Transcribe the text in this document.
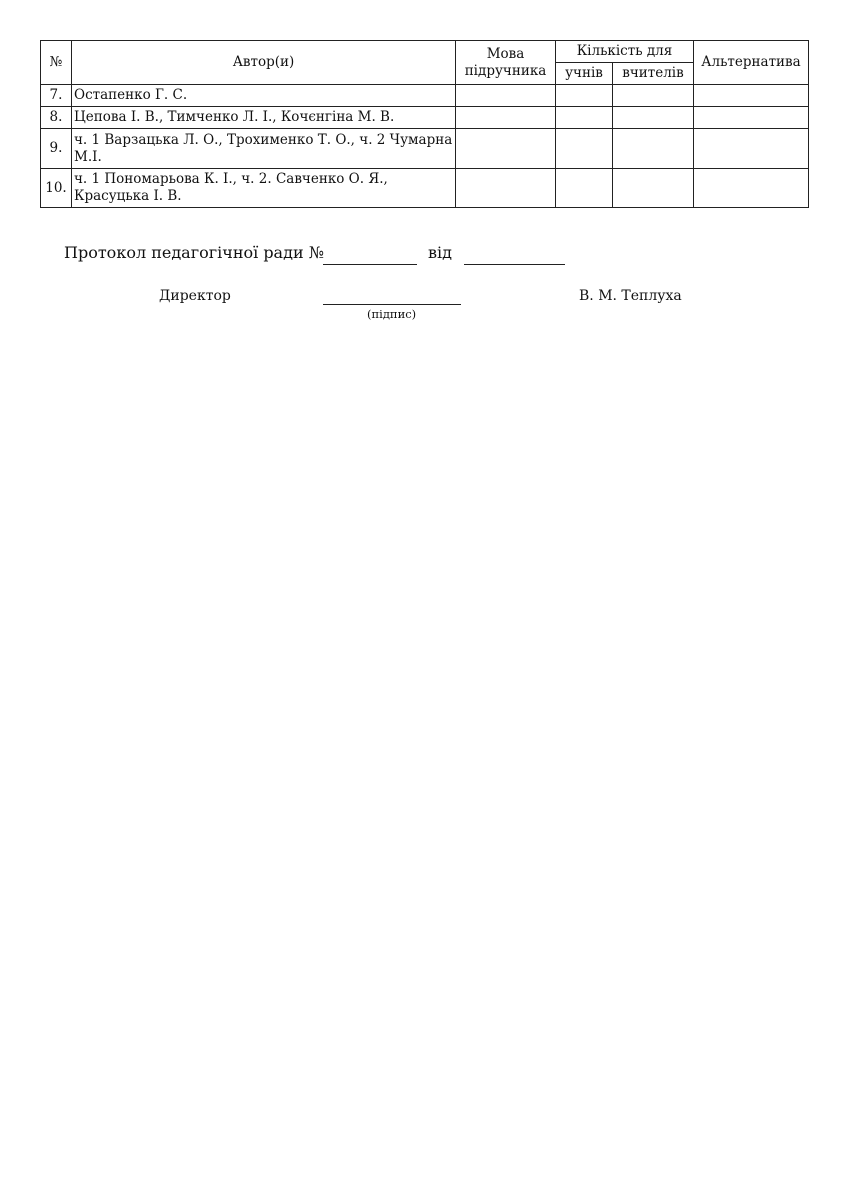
№	Автор(и)	Мова підручника	Кількість для		Альтернатива
			учнів	вчителів	
7.	Остапенко Г. С.				
8.	Цепова І. В., Тимченко Л. І., Кочєнгіна М. В.				
9.	ч. 1 Варзацька Л. О., Трохименко Т. О., ч. 2 Чумарна М.І.				
10.	ч. 1 Пономарьова К. І., ч. 2. Савченко О. Я., Красуцька І. В.				
Протокол педагогічної ради №	від
Директор
(підпис)
В. М. Теплуха
